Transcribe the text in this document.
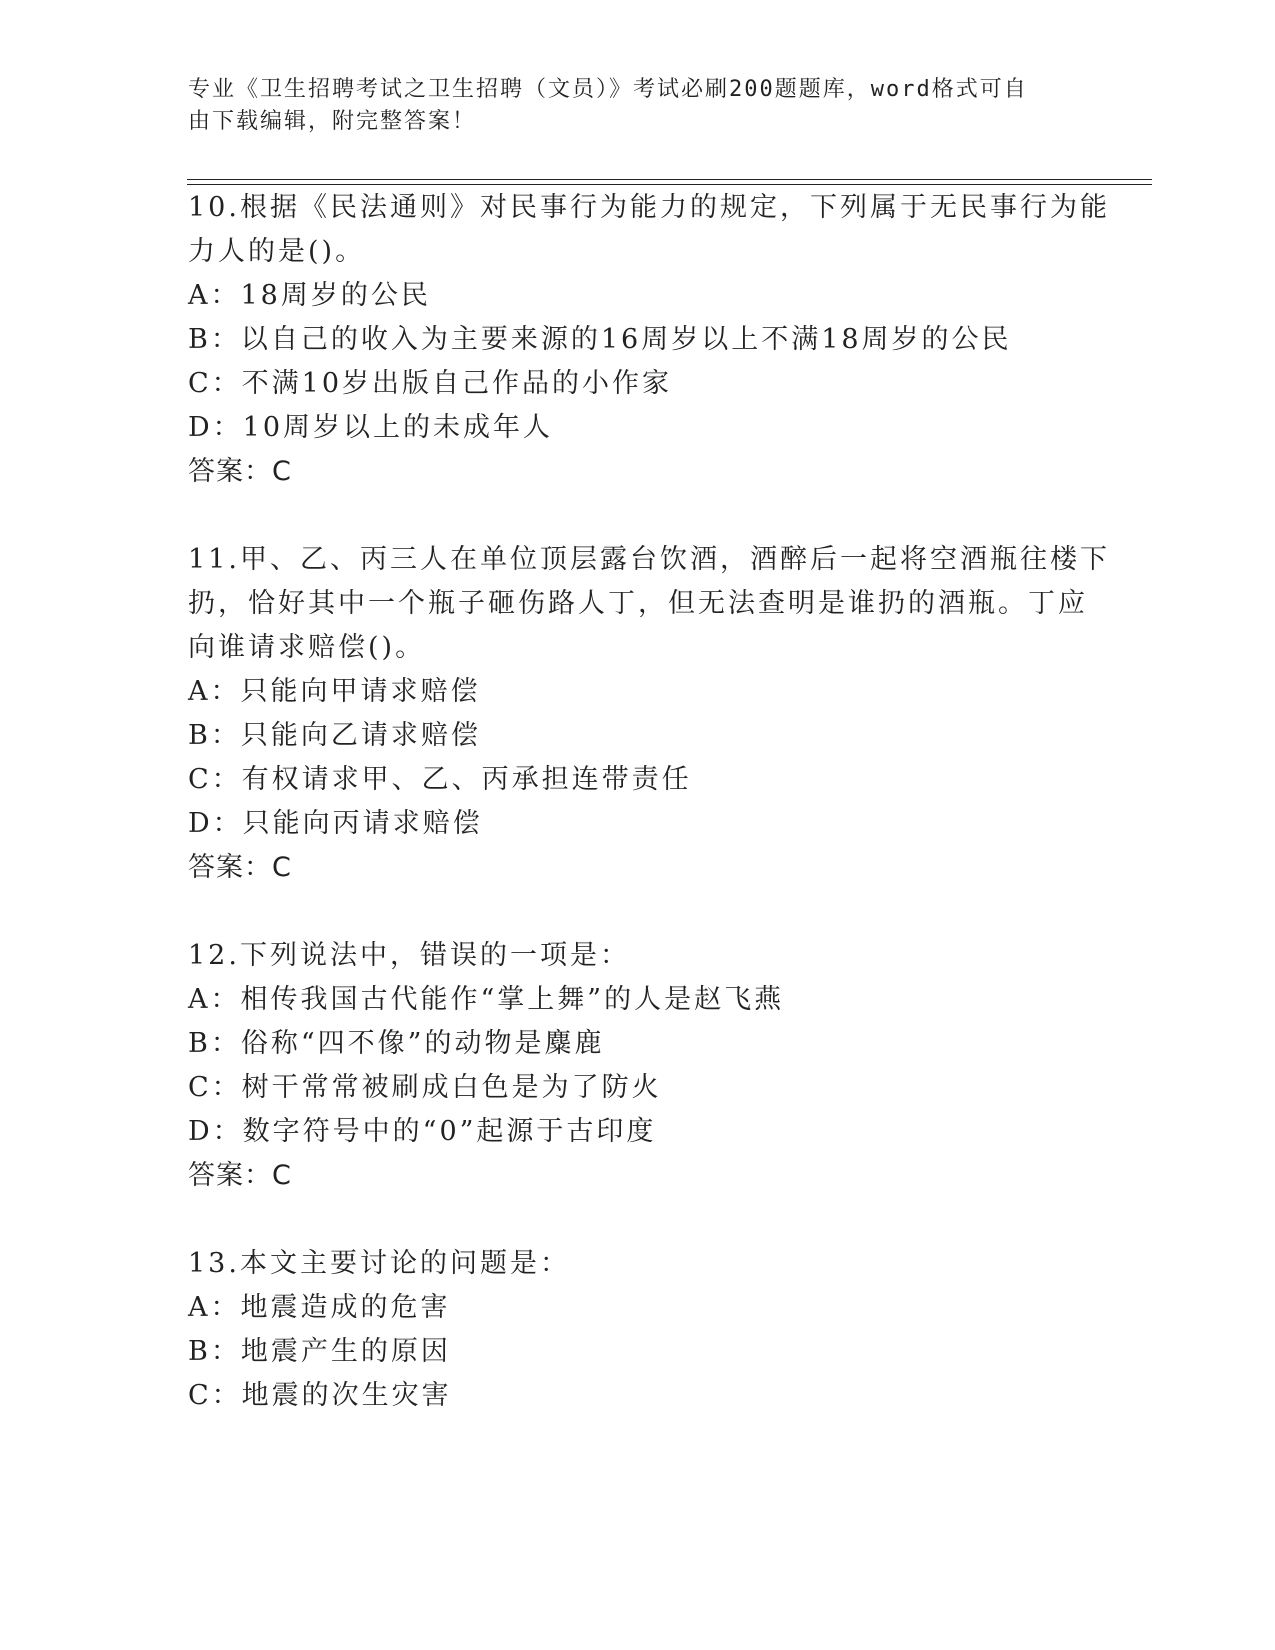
专业《卫生招聘考试之卫生招聘（文员）》考试必刷200题题库，word格式可自
由下载编辑，附完整答案！
10.根据《民法通则》对民事行为能力的规定，下列属于无民事行为能
力人的是()。
A：18周岁的公民
B：以自己的收入为主要来源的16周岁以上不满18周岁的公民
C：不满10岁出版自己作品的小作家
D：10周岁以上的未成年人
答案：C
11.甲、乙、丙三人在单位顶层露台饮酒，酒醉后一起将空酒瓶往楼下
扔，恰好其中一个瓶子砸伤路人丁，但无法查明是谁扔的酒瓶。丁应
向谁请求赔偿()。
A：只能向甲请求赔偿
B：只能向乙请求赔偿
C：有权请求甲、乙、丙承担连带责任
D：只能向丙请求赔偿
答案：C
12.下列说法中，错误的一项是：
A：相传我国古代能作“掌上舞”的人是赵飞燕
B：俗称“四不像”的动物是麋鹿
C：树干常常被刷成白色是为了防火
D：数字符号中的“0”起源于古印度
答案：C
13.本文主要讨论的问题是：
A：地震造成的危害
B：地震产生的原因
C：地震的次生灾害
